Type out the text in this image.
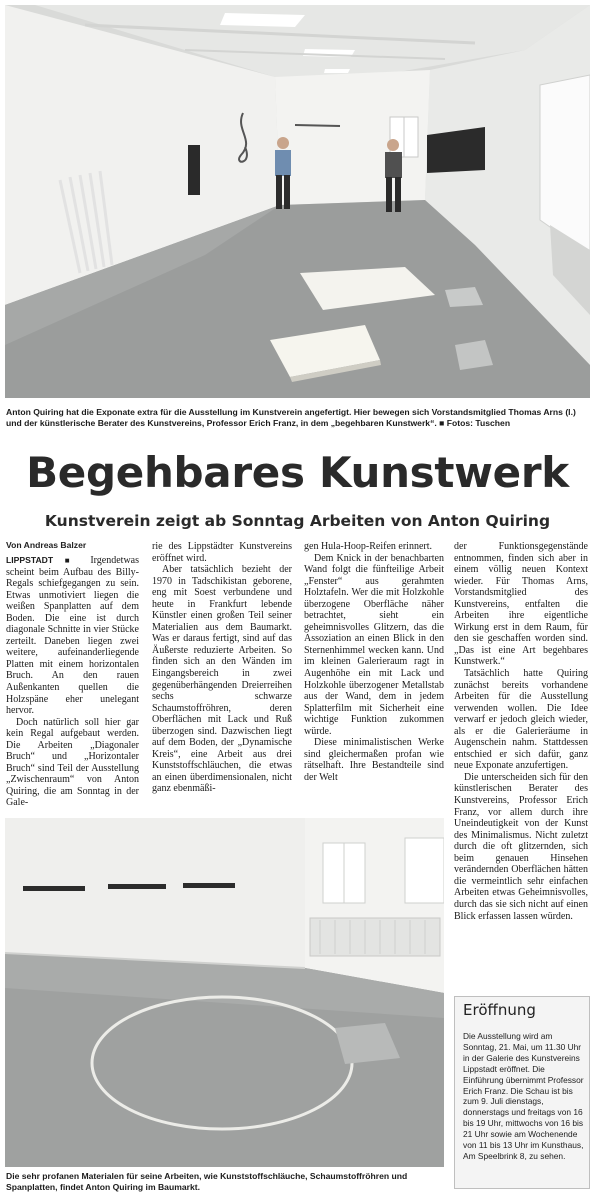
Anton Quiring hat die Exponate extra für die Ausstellung im Kunstverein angefertigt. Hier bewegen sich Vorstandsmitglied Thomas Arns (l.) und der künstlerische Berater des Kunstvereins, Professor Erich Franz, in dem „begehbaren Kunstwerk“. ■ Fotos: Tuschen
Begehbares Kunstwerk
Kunstverein zeigt ab Sonntag Arbeiten von Anton Quiring
Von Andreas Balzer

LIPPSTADT ■ Irgendetwas scheint beim Aufbau des Billy-Regals schiefgegangen zu sein. Etwas unmotiviert liegen die weißen Spanplatten auf dem Boden. Die eine ist durch diagonale Schnitte in vier Stücke zerteilt. Daneben liegen zwei weitere, aufeinanderliegende Platten mit einem horizontalen Bruch. An den rauen Außenkanten quellen die Holzspäne eher unelegant hervor.

Doch natürlich soll hier gar kein Regal aufgebaut werden. Die Arbeiten „Diagonaler Bruch“ und „Horizontaler Bruch“ sind Teil der Ausstellung „Zwischenraum“ von Anton Quiring, die am Sonntag in der Gale-

rie des Lippstädter Kunstvereins eröffnet wird.

Aber tatsächlich bezieht der 1970 in Tadschikistan geborene, eng mit Soest verbundene und heute in Frankfurt lebende Künstler einen großen Teil seiner Materialien aus dem Baumarkt. Was er daraus fertigt, sind auf das Äußerste reduzierte Arbeiten. So finden sich an den Wänden im Eingangsbereich in zwei gegenüberhängenden Dreierreihen sechs schwarze Schaumstoffröhren, deren Oberflächen mit Lack und Ruß überzogen sind. Dazwischen liegt auf dem Boden, der „Dynamische Kreis“, eine Arbeit aus drei Kunststoffschläuchen, die etwas an einen überdimensionalen, nicht ganz ebenmäßi-

gen Hula-Hoop-Reifen erinnert.

Dem Knick in der benachbarten Wand folgt die fünfteilige Arbeit „Fenster“ aus gerahmten Holztafeln. Wer die mit Holzkohle überzogene Oberfläche näher betrachtet, sieht ein geheimnisvolles Glitzern, das die Assoziation an einen Blick in den Sternenhimmel wecken kann. Und im kleinen Galerieraum ragt in Augenhöhe ein mit Lack und Holzkohle überzogener Metallstab aus der Wand, dem in jedem Splatterfilm mit Sicherheit eine wichtige Funktion zukommen würde.

Diese minimalistischen Werke sind gleichermaßen profan wie rätselhaft. Ihre Bestandteile sind der Welt

der Funktionsgegenstände entnommen, finden sich aber in einem völlig neuen Kontext wieder. Für Thomas Arns, Vorstandsmitglied des Kunstvereins, entfalten die Arbeiten ihre eigentliche Wirkung erst in dem Raum, für den sie geschaffen worden sind. „Das ist eine Art begehbares Kunstwerk.“

Tatsächlich hatte Quiring zunächst bereits vorhandene Arbeiten für die Ausstellung verwenden wollen. Die Idee verwarf er jedoch gleich wieder, als er die Galerieräume in Augenschein nahm. Stattdessen entschied er sich dafür, ganz neue Exponate anzufertigen.

Die unterscheiden sich für den künstlerischen Berater des Kunstvereins, Professor Erich Franz, vor allem durch ihre Uneindeutigkeit von der Kunst des Minimalismus. Nicht zuletzt durch die oft glitzernden, sich beim genauen Hinsehen verändernden Oberflächen hätten die vermeintlich sehr einfachen Arbeiten etwas Geheimnisvolles, durch das sie sich nicht auf einen Blick erfassen lassen würden.

Die sehr profanen Materialen für seine Arbeiten, wie Kunststoffschläuche, Schaumstoffröhren und Spanplatten, findet Anton Quiring im Baumarkt.
Eröffnung
Die Ausstellung wird am Sonntag, 21. Mai, um 11.30 Uhr in der Galerie des Kunstvereins Lippstadt eröffnet. Die Einführung übernimmt Professor Erich Franz. Die Schau ist bis zum 9. Juli dienstags, donnerstags und freitags von 16 bis 19 Uhr, mittwochs von 16 bis 21 Uhr sowie am Wochenende von 11 bis 13 Uhr im Kunsthaus, Am Speelbrink 8, zu sehen.
